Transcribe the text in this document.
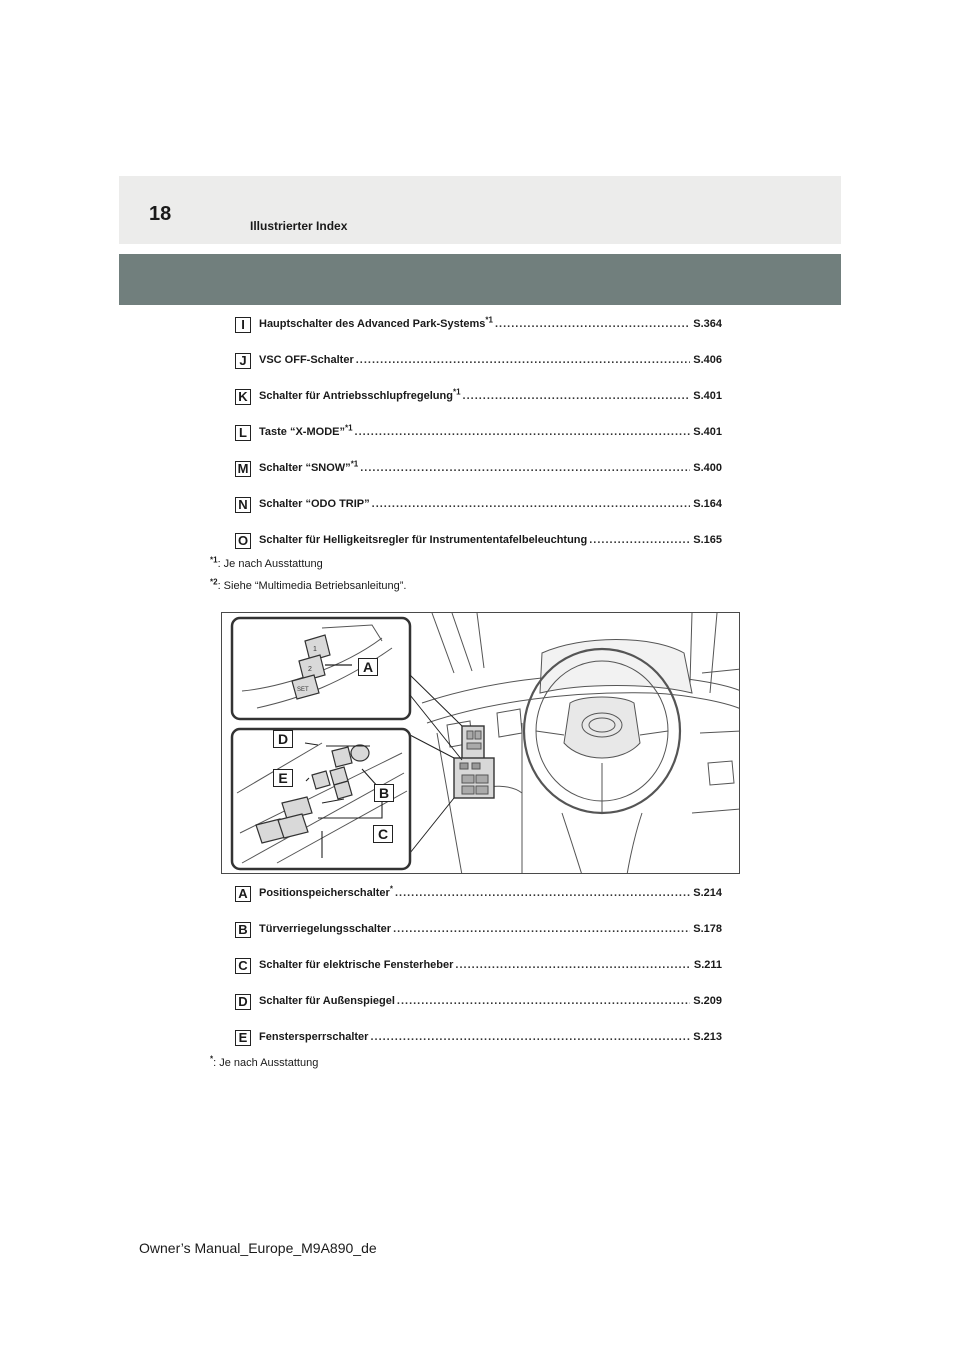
18
Illustrierter Index
I	Hauptschalter des Advanced Park-Systems$^{*1}$ .....	S.364
J	VSC OFF-Schalter .....	S.406
K	Schalter für Antriebsschlupfregelung$^{*1}$ .....	S.401
L	Taste “X-MODE”$^{*1}$ .....	S.401
M Schalter “SNOW”$^{*1}$ .....	S.400
N	Schalter “ODO TRIP” .....	S.164
O Schalter für Helligkeitsregler für Instrumententafelbeleuchtung .....	S.165
$^{*1}$: Je nach Ausstattung
$^{*2}$: Siehe “Multimedia Betriebsanleitung”.
1
2
SET
A
B
C
D
E
A	Positionspeicherschalter* .....	S.214
B	Türverriegelungsschalter .....	S.178
C	Schalter für elektrische Fensterheber .....	S.211
D	Schalter für Außenspiegel .....	S.209
E	Fenstersperrschalter .....	S.213
*: Je nach Ausstattung
Owner’s Manual_Europe_M9A890_de
